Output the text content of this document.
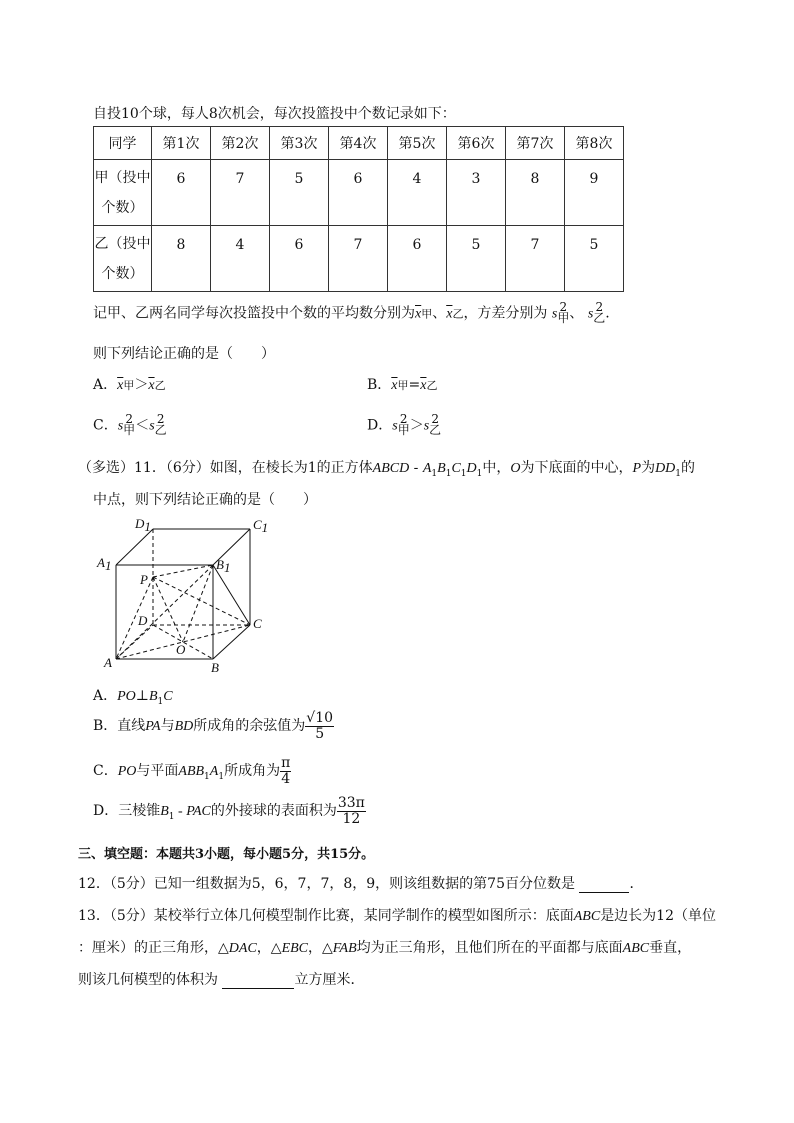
自投10个球，每人8次机会，每次投篮投中个数记录如下：
同学	第1次	第2次	第3次	第4次	第5次	第6次	第7次	第8次
甲（投中
个数）	6	7	5	6	4	3	8	9
乙（投中
个数）	8	4	6	7	6	5	7	5
记甲、乙两名同学每次投篮投中个数的平均数分别为$\overline{x}$甲、$\overline{x}$乙，方差分别为 s 2
甲、 s 2
乙.
则下列结论正确的是（　　）
A．$\overline{x}$甲$>\overline{x}$乙	B．$\overline{x}$甲$=\overline{x}$乙
C．s 2
甲＜s 2
乙	D．s 2
甲＞s 2
乙
（多选）11．（6分）如图，在棱长为1的正方体ABCD - $A_1B_1C_1D_1$中，O为下底面的中心，P为$DD_1$的
中点，则下列结论正确的是（　　）
D1	C1
A1	B1
P
D	C
O
A	B
A．$PO\perp B_1C$
B．直线PA与BD所成角的余弦值为 $\frac{√10}{5}$
C．PO与平面$ABB_1A_1$所成角为 $\frac{\pi}{4}$
D．三棱锥$B_1$ - PAC的外接球的表面积为 $\frac{33\pi}{12}$
三、填空题：本题共3小题，每小题5分，共15分。
12．（5分）已知一组数据为5，6，7，7，8，9，则该组数据的第75百分位数是	．
13．（5分）某校举行立体几何模型制作比赛，某同学制作的模型如图所示：底面ABC是边长为12（单位
：厘米）的正三角形，△DAC，△EBC，△FAB均为正三角形，且他们所在的平面都与底面ABC垂直，
则该几何模型的体积为	立方厘米．
